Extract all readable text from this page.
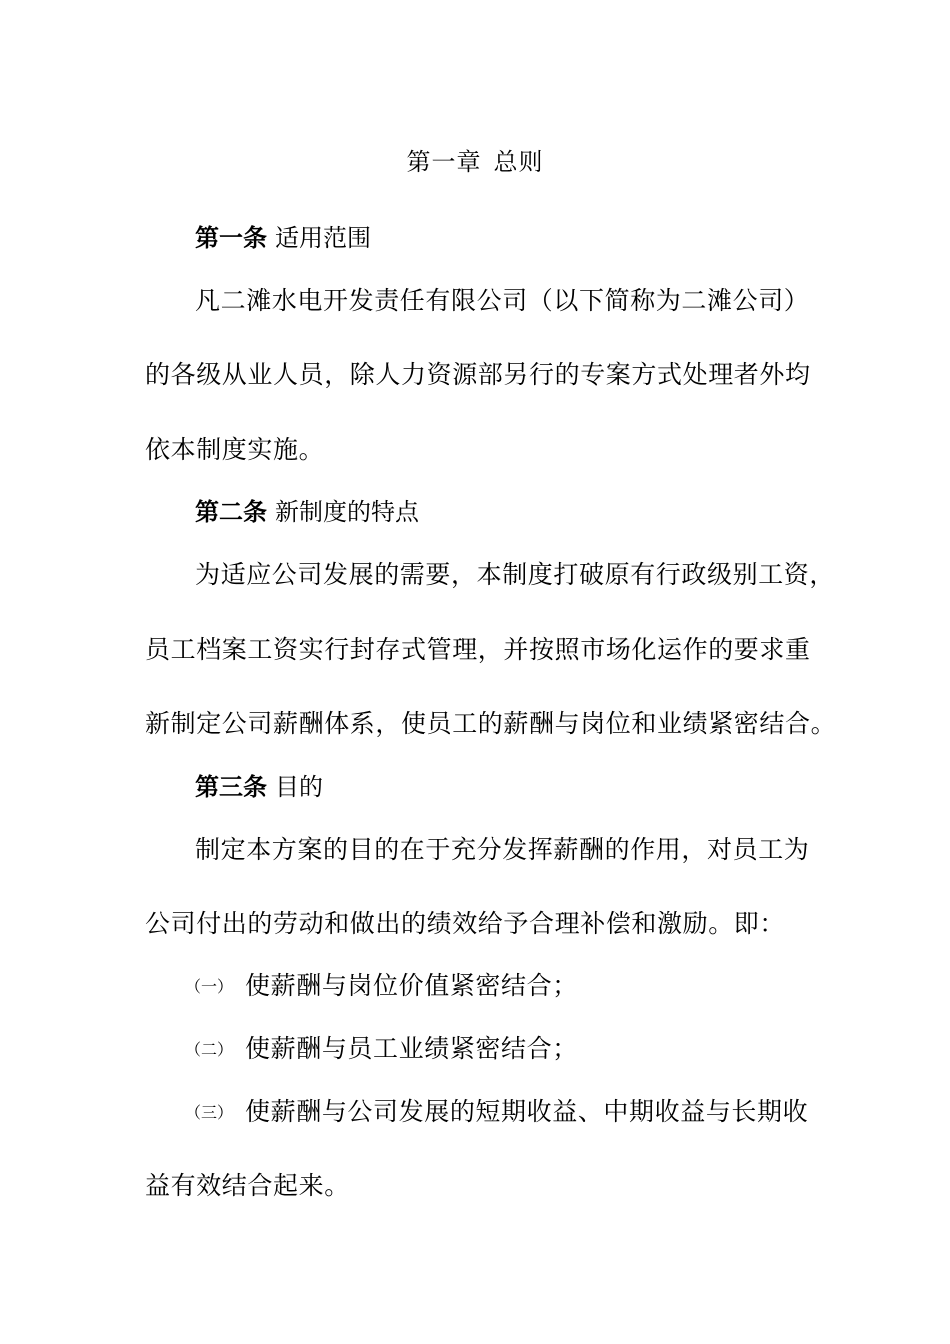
第一章 总则
第一条 适用范围
凡二滩水电开发责任有限公司（以下简称为二滩公司）
的各级从业人员，除人力资源部另行的专案方式处理者外均
依本制度实施。
第二条 新制度的特点
为适应公司发展的需要，本制度打破原有行政级别工资，
员工档案工资实行封存式管理，并按照市场化运作的要求重
新制定公司薪酬体系，使员工的薪酬与岗位和业绩紧密结合。
第三条 目的
制定本方案的目的在于充分发挥薪酬的作用，对员工为
公司付出的劳动和做出的绩效给予合理补偿和激励。即：
（一） 使薪酬与岗位价值紧密结合；
（二） 使薪酬与员工业绩紧密结合；
（三） 使薪酬与公司发展的短期收益、中期收益与长期收
益有效结合起来。
